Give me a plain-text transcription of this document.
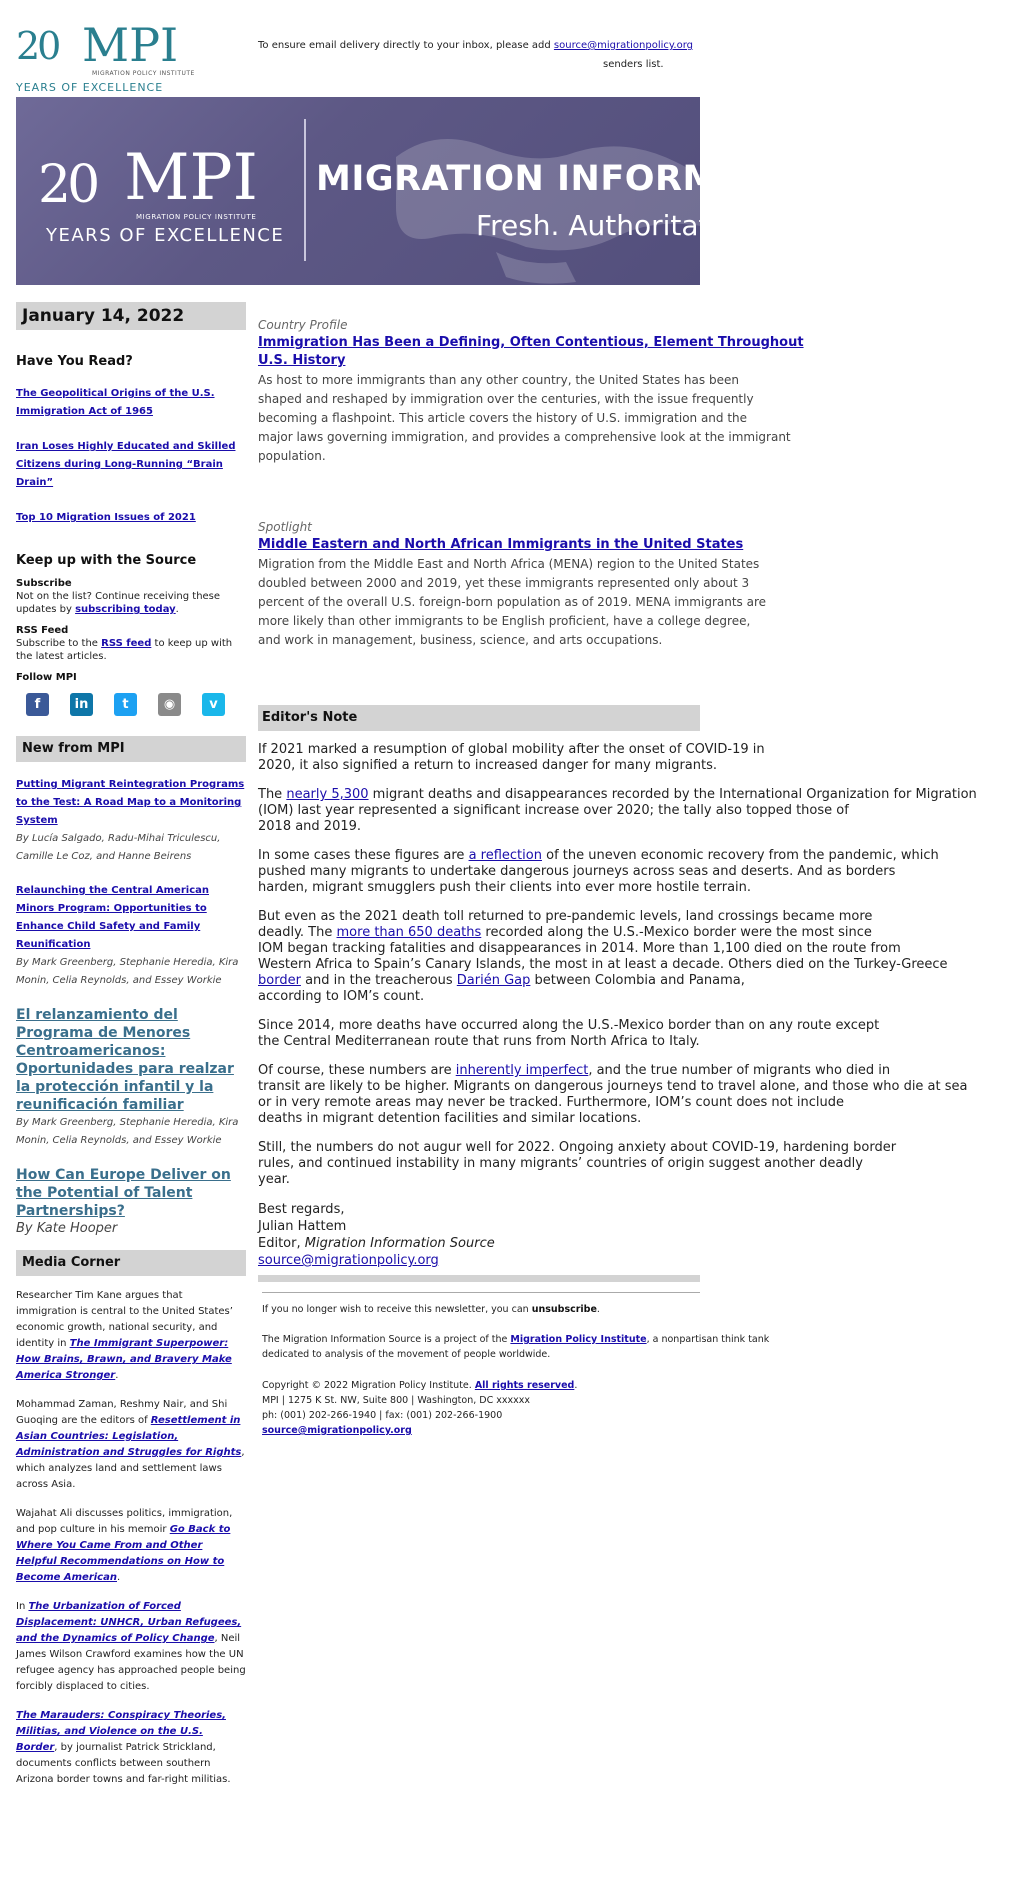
20 MPI
MIGRATION POLICY INSTITUTE
YEARS OF EXCELLENCE
To ensure email delivery directly to your inbox, please add source@migrationpolicy.org
senders list.
20 MPI
MIGRATION POLICY INSTITUTE
YEARS OF EXCELLENCE
MIGRATION INFORMATION SOURCE
Fresh. Authoritative.
January 14, 2022
Have You Read?
The Geopolitical Origins of the U.S. Immigration Act of 1965
Iran Loses Highly Educated and Skilled Citizens during Long-Running “Brain Drain”
Top 10 Migration Issues of 2021
Keep up with the Source
Subscribe
Not on the list? Continue receiving these updates by subscribing today.
RSS Feed
Subscribe to the RSS feed to keep up with the latest articles.
Follow MPI
f	in	t	◉	v
New from MPI
Putting Migrant Reintegration Programs to the Test: A Road Map to a Monitoring System
By Lucía Salgado, Radu-Mihai Triculescu, Camille Le Coz, and Hanne Beirens
Relaunching the Central American Minors Program: Opportunities to Enhance Child Safety and Family Reunification
By Mark Greenberg, Stephanie Heredia, Kira Monin, Celia Reynolds, and Essey Workie
El relanzamiento del Programa de Menores Centroamericanos: Oportunidades para realzar la protección infantil y la reunificación familiar
By Mark Greenberg, Stephanie Heredia, Kira Monin, Celia Reynolds, and Essey Workie
How Can Europe Deliver on the Potential of Talent Partnerships?
By Kate Hooper
Media Corner
Researcher Tim Kane argues that immigration is central to the United States’ economic growth, national security, and identity in The Immigrant Superpower: How Brains, Brawn, and Bravery Make America Stronger.
Mohammad Zaman, Reshmy Nair, and Shi Guoqing are the editors of Resettlement in Asian Countries: Legislation, Administration and Struggles for Rights, which analyzes land and settlement laws across Asia.
Wajahat Ali discusses politics, immigration, and pop culture in his memoir Go Back to Where You Came From and Other Helpful Recommendations on How to Become American.
In The Urbanization of Forced Displacement: UNHCR, Urban Refugees, and the Dynamics of Policy Change, Neil James Wilson Crawford examines how the UN refugee agency has approached people being forcibly displaced to cities.
The Marauders: Conspiracy Theories, Militias, and Violence on the U.S. Border, by journalist Patrick Strickland, documents conflicts between southern Arizona border towns and far-right militias.
Country Profile
Immigration Has Been a Defining, Often Contentious, Element Throughout
U.S. History
As host to more immigrants than any other country, the United States has been
shaped and reshaped by immigration over the centuries, with the issue frequently
becoming a flashpoint. This article covers the history of U.S. immigration and the
major laws governing immigration, and provides a comprehensive look at the immigrant
population.
Spotlight
Middle Eastern and North African Immigrants in the United States
Migration from the Middle East and North Africa (MENA) region to the United States
doubled between 2000 and 2019, yet these immigrants represented only about 3
percent of the overall U.S. foreign-born population as of 2019. MENA immigrants are
more likely than other immigrants to be English proficient, have a college degree,
and work in management, business, science, and arts occupations.
Editor's Note

If 2021 marked a resumption of global mobility after the onset of COVID-19 in
2020, it also signified a return to increased danger for many migrants.

The nearly 5,300 migrant deaths and disappearances recorded by the International Organization for Migration
(IOM) last year represented a significant increase over 2020; the tally also topped those of
2018 and 2019.

In some cases these figures are a reflection of the uneven economic recovery from the pandemic, which
pushed many migrants to undertake dangerous journeys across seas and deserts. And as borders
harden, migrant smugglers push their clients into ever more hostile terrain.

But even as the 2021 death toll returned to pre-pandemic levels, land crossings became more
deadly. The more than 650 deaths recorded along the U.S.-Mexico border were the most since
IOM began tracking fatalities and disappearances in 2014. More than 1,100 died on the route from
Western Africa to Spain’s Canary Islands, the most in at least a decade. Others died on the Turkey-Greece
border and in the treacherous Darién Gap between Colombia and Panama,
according to IOM’s count.

Since 2014, more deaths have occurred along the U.S.-Mexico border than on any route except
the Central Mediterranean route that runs from North Africa to Italy.

Of course, these numbers are inherently imperfect, and the true number of migrants who died in
transit are likely to be higher. Migrants on dangerous journeys tend to travel alone, and those who die at sea
or in very remote areas may never be tracked. Furthermore, IOM’s count does not include
deaths in migrant detention facilities and similar locations.

Still, the numbers do not augur well for 2022. Ongoing anxiety about COVID-19, hardening border
rules, and continued instability in many migrants’ countries of origin suggest another deadly
year.

Best regards,
Julian Hattem
Editor, Migration Information Source
source@migrationpolicy.org
If you no longer wish to receive this newsletter, you can unsubscribe.
The Migration Information Source is a project of the Migration Policy Institute, a nonpartisan think tank
dedicated to analysis of the movement of people worldwide.
Copyright © 2022 Migration Policy Institute. All rights reserved.
MPI | 1275 K St. NW, Suite 800 | Washington, DC xxxxxx
ph: (001) 202-266-1940 | fax: (001) 202-266-1900
source@migrationpolicy.org
